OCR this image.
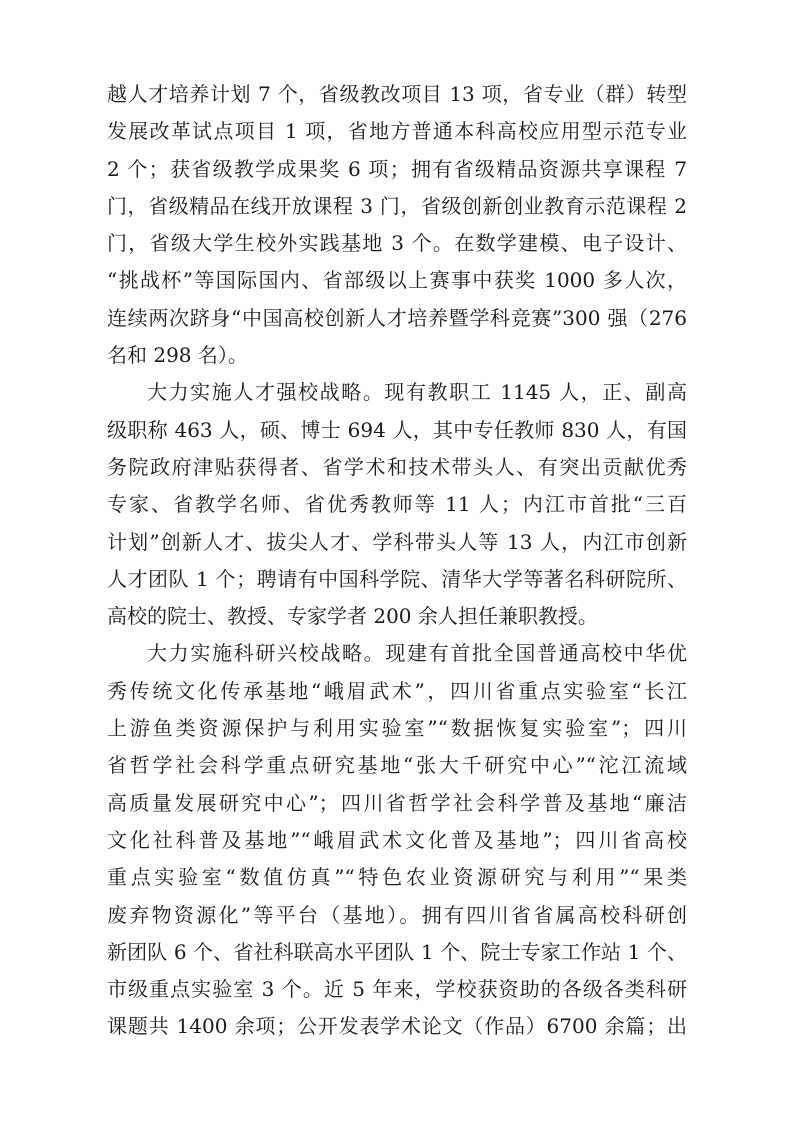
越人才培养计划 7 个，省级教改项目 13 项，省专业（群）转型
发展改革试点项目 1 项，省地方普通本科高校应用型示范专业
2 个；获省级教学成果奖 6 项；拥有省级精品资源共享课程 7
门，省级精品在线开放课程 3 门，省级创新创业教育示范课程 2
门，省级大学生校外实践基地 3 个。在数学建模、电子设计、
“挑战杯”等国际国内、省部级以上赛事中获奖 1000 多人次，
连续两次跻身“中国高校创新人才培养暨学科竞赛”300 强（276
名和 298 名）。
大力实施人才强校战略。现有教职工 1145 人，正、副高
级职称 463 人，硕、博士 694 人，其中专任教师 830 人，有国
务院政府津贴获得者、省学术和技术带头人、有突出贡献优秀
专家、省教学名师、省优秀教师等 11 人；内江市首批“三百
计划”创新人才、拔尖人才、学科带头人等 13 人，内江市创新
人才团队 1 个；聘请有中国科学院、清华大学等著名科研院所、
高校的院士、教授、专家学者 200 余人担任兼职教授。
大力实施科研兴校战略。现建有首批全国普通高校中华优
秀传统文化传承基地“峨眉武术”，四川省重点实验室“长江
上游鱼类资源保护与利用实验室”“数据恢复实验室”；四川
省哲学社会科学重点研究基地“张大千研究中心”“沱江流域
高质量发展研究中心”；四川省哲学社会科学普及基地“廉洁
文化社科普及基地”“峨眉武术文化普及基地”；四川省高校
重点实验室“数值仿真”“特色农业资源研究与利用”“果类
废弃物资源化”等平台（基地）。拥有四川省省属高校科研创
新团队 6 个、省社科联高水平团队 1 个、院士专家工作站 1 个、
市级重点实验室 3 个。近 5 年来，学校获资助的各级各类科研
课题共 1400 余项；公开发表学术论文（作品）6700 余篇；出
